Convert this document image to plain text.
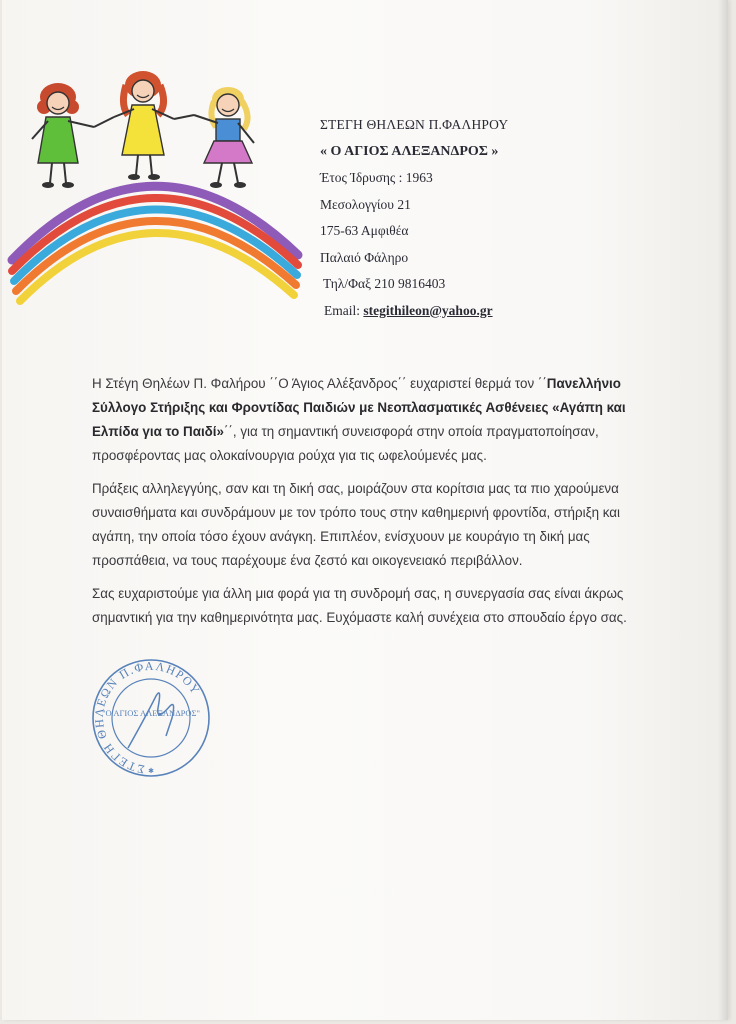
ΣΤΕΓΗ ΘΗΛΕΩΝ Π.ΦΑΛΗΡΟΥ
« Ο ΑΓΙΟΣ ΑΛΕΞΑΝΔΡΟΣ »
Έτος Ίδρυσης : 1963
Μεσολογγίου 21
175-63 Αμφιθέα
Παλαιό Φάληρο
Τηλ/Φαξ 210 9816403
Email: stegithileon@yahoo.gr

Η Στέγη Θηλέων Π. Φαλήρου ΄΄Ο Άγιος Αλέξανδρος΄΄ ευχαριστεί θερμά τον ΄΄Πανελλήνιο Σύλλογο Στήριξης και Φροντίδας Παιδιών με Νεοπλασματικές Ασθένειες «Αγάπη και Ελπίδα για το Παιδί»΄΄, για τη σημαντική συνεισφορά στην οποία πραγματοποίησαν, προσφέροντας μας ολοκαίνουργια ρούχα για τις ωφελούμενές μας.

Πράξεις αλληλεγγύης, σαν και τη δική σας, μοιράζουν στα κορίτσια μας τα πιο χαρούμενα συναισθήματα και συνδράμουν με τον τρόπο τους στην καθημερινή φροντίδα, στήριξη και αγάπη, την οποία τόσο έχουν ανάγκη. Επιπλέον, ενίσχυουν με κουράγιο τη δική μας προσπάθεια, να τους παρέχουμε ένα ζεστό και οικογενειακό περιβάλλον.

Σας ευχαριστούμε για άλλη μια φορά για τη συνδρομή σας, η συνεργασία σας είναι άκρως σημαντική για την καθημερινότητα μας. Ευχόμαστε καλή συνέχεια στο σπουδαίο έργο σας.

ΣΤΕΓΗ ΘΗΛΕΩΝ Π.ΦΑΛΗΡΟΥ
"Ο ΑΓΙΟΣ ΑΛΕΞΑΝΔΡΟΣ"
✱
